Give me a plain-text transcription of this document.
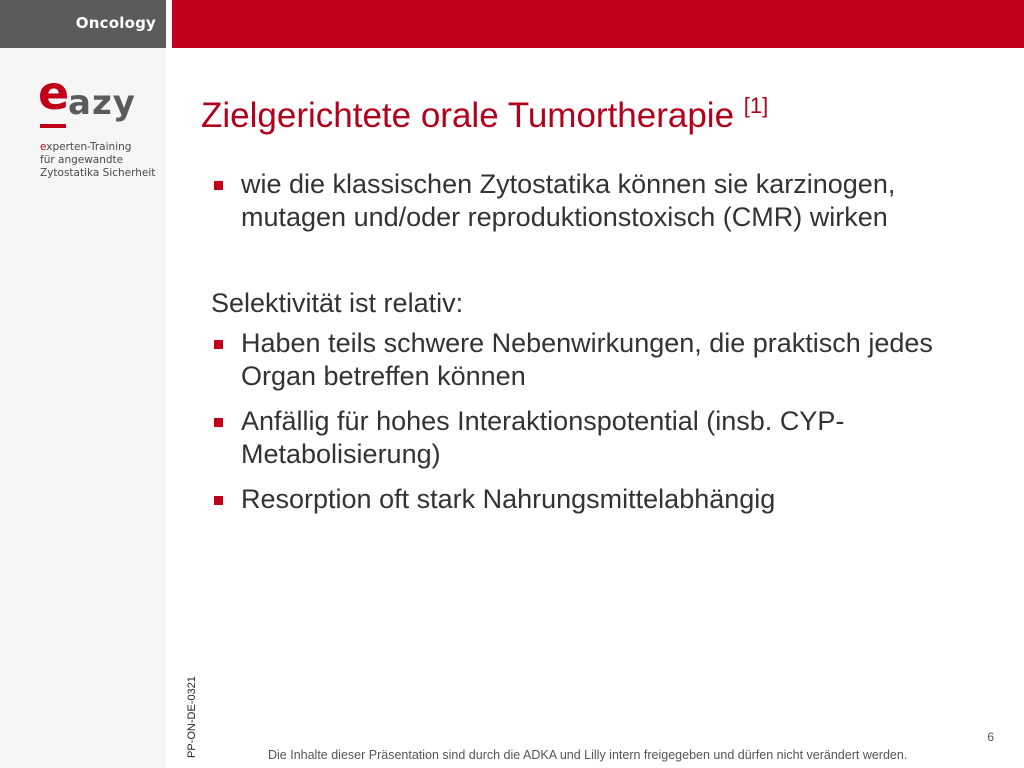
Oncology
e
azy
experten-Training
für angewandte
Zytostatika Sicherheit
Zielgerichtete orale Tumortherapie [1]
wie die klassischen Zytostatika können sie karzinogen, mutagen und/oder reproduktionstoxisch (CMR) wirken
Selektivität ist relativ:
Haben teils schwere Nebenwirkungen, die praktisch jedes Organ betreffen können
Anfällig für hohes Interaktionspotential (insb. CYP-Metabolisierung)
Resorption oft stark Nahrungsmittelabhängig
PP-ON-DE-0321	6
Die Inhalte dieser Präsentation sind durch die ADKA und Lilly intern freigegeben und dürfen nicht verändert werden.
